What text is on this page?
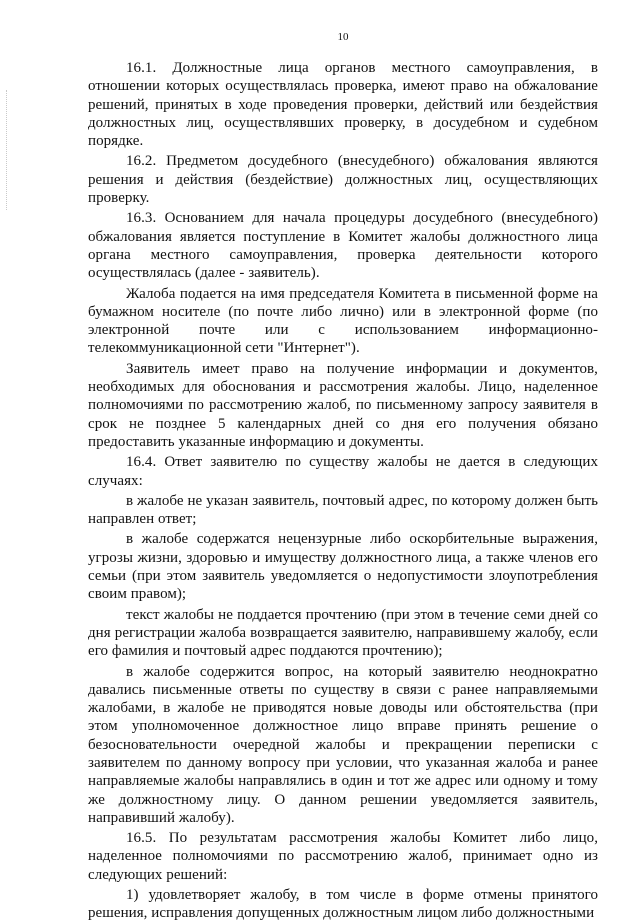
10

16.1. Должностные лица органов местного самоуправления, в отношении которых осуществлялась проверка, имеют право на обжалование решений, принятых в ходе проведения проверки, действий или бездействия должностных лиц, осуществлявших проверку, в досудебном и судебном порядке.

16.2. Предметом досудебного (внесудебного) обжалования являются решения и действия (бездействие) должностных лиц, осуществляющих проверку.

16.3. Основанием для начала процедуры досудебного (внесудебного) обжалования является поступление в Комитет жалобы должностного лица органа местного самоуправления, проверка деятельности которого осуществлялась (далее - заявитель).

Жалоба подается на имя председателя Комитета в письменной форме на бумажном носителе (по почте либо лично) или в электронной форме (по электронной почте или с использованием информационно-телекоммуникационной сети "Интернет").

Заявитель имеет право на получение информации и документов, необходимых для обоснования и рассмотрения жалобы. Лицо, наделенное полномочиями по рассмотрению жалоб, по письменному запросу заявителя в срок не позднее 5 календарных дней со дня его получения обязано предоставить указанные информацию и документы.

16.4. Ответ заявителю по существу жалобы не дается в следующих случаях:

в жалобе не указан заявитель, почтовый адрес, по которому должен быть направлен ответ;

в жалобе содержатся нецензурные либо оскорбительные выражения, угрозы жизни, здоровью и имуществу должностного лица, а также членов его семьи (при этом заявитель уведомляется о недопустимости злоупотребления своим правом);

текст жалобы не поддается прочтению (при этом в течение семи дней со дня регистрации жалоба возвращается заявителю, направившему жалобу, если его фамилия и почтовый адрес поддаются прочтению);

в жалобе содержится вопрос, на который заявителю неоднократно давались письменные ответы по существу в связи с ранее направляемыми жалобами, в жалобе не приводятся новые доводы или обстоятельства (при этом уполномоченное должностное лицо вправе принять решение о безосновательности очередной жалобы и прекращении переписки с заявителем по данному вопросу при условии, что указанная жалоба и ранее направляемые жалобы направлялись в один и тот же адрес или одному и тому же должностному лицу. О данном решении уведомляется заявитель, направивший жалобу).

16.5. По результатам рассмотрения жалобы Комитет либо лицо, наделенное полномочиями по рассмотрению жалоб, принимает одно из следующих решений:

1) удовлетворяет жалобу, в том числе в форме отмены принятого решения, исправления допущенных должностным лицом либо должностными
